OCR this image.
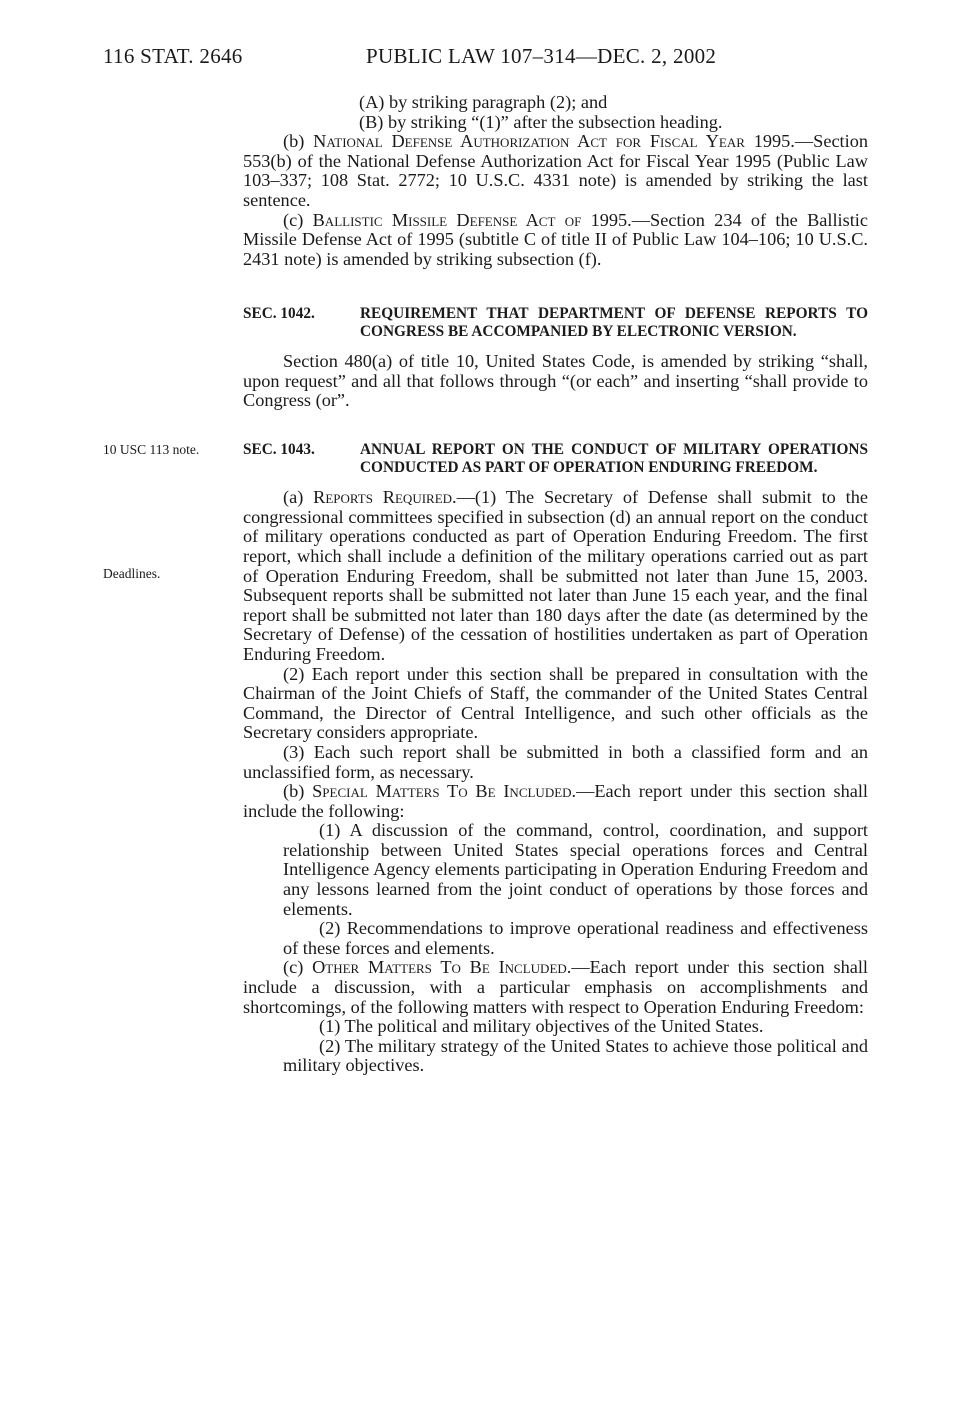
116 STAT. 2646	PUBLIC LAW 107–314—DEC. 2, 2002
10 USC 113 note.
Deadlines.

(A) by striking paragraph (2); and

(B) by striking “(1)” after the subsection heading.

(b) National Defense Authorization Act for Fiscal Year 1995.—Section 553(b) of the National Defense Authorization Act for Fiscal Year 1995 (Public Law 103–337; 108 Stat. 2772; 10 U.S.C. 4331 note) is amended by striking the last sentence.

(c) Ballistic Missile Defense Act of 1995.—Section 234 of the Ballistic Missile Defense Act of 1995 (subtitle C of title II of Public Law 104–106; 10 U.S.C. 2431 note) is amended by striking subsection (f).

SEC. 1042.	REQUIREMENT THAT DEPARTMENT OF DEFENSE REPORTS TO CONGRESS BE ACCOMPANIED BY ELECTRONIC VERSION.

Section 480(a) of title 10, United States Code, is amended by striking “shall, upon request” and all that follows through “(or each” and inserting “shall provide to Congress (or”.

SEC. 1043.	ANNUAL REPORT ON THE CONDUCT OF MILITARY OPERATIONS CONDUCTED AS PART OF OPERATION ENDURING FREEDOM.

(a) Reports Required.—(1) The Secretary of Defense shall submit to the congressional committees specified in subsection (d) an annual report on the conduct of military operations conducted as part of Operation Enduring Freedom. The first report, which shall include a definition of the military operations carried out as part of Operation Enduring Freedom, shall be submitted not later than June 15, 2003. Subsequent reports shall be submitted not later than June 15 each year, and the final report shall be submitted not later than 180 days after the date (as determined by the Secretary of Defense) of the cessation of hostilities undertaken as part of Operation Enduring Freedom.

(2) Each report under this section shall be prepared in consultation with the Chairman of the Joint Chiefs of Staff, the commander of the United States Central Command, the Director of Central Intelligence, and such other officials as the Secretary considers appropriate.

(3) Each such report shall be submitted in both a classified form and an unclassified form, as necessary.

(b) Special Matters To Be Included.—Each report under this section shall include the following:

(1) A discussion of the command, control, coordination, and support relationship between United States special operations forces and Central Intelligence Agency elements participating in Operation Enduring Freedom and any lessons learned from the joint conduct of operations by those forces and elements.

(2) Recommendations to improve operational readiness and effectiveness of these forces and elements.

(c) Other Matters To Be Included.—Each report under this section shall include a discussion, with a particular emphasis on accomplishments and shortcomings, of the following matters with respect to Operation Enduring Freedom:

(1) The political and military objectives of the United States.

(2) The military strategy of the United States to achieve those political and military objectives.
